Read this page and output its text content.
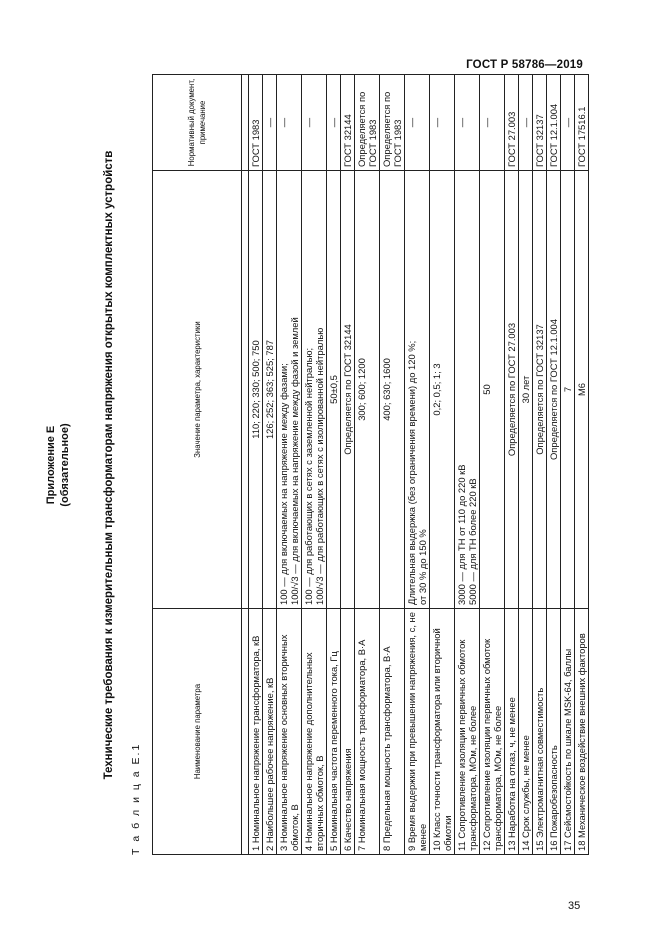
ГОСТ Р 58786—2019
Приложение Е (обязательное)	Технические требования к измерительным трансформаторам напряжения открытых комплектных устройств
Т а б л и ц а Е.1
Наименование параметра	Значение параметра, характеристики	Нормативный документ, примечание

1 Номинальное напряжение трансформатора, кВ	110; 220; 330; 500; 750	ГОСТ 1983
2 Наибольшее рабочее напряжение, кВ	126; 252; 363; 525; 787	—
3 Номинальное напряжение основных вторичных обмоток, В	100 — для включаемых на напряжение между фазами; 100/√3 — для включаемых на напряжение между фазой и землей	—
4 Номинальное напряжение дополнительных вторичных обмоток, В	100 — для работающих в сетях с заземленной нейтралью; 100/√3 — для работающих в сетях с изолированной нейтралью	—
5 Номинальная частота переменного тока, Гц	50±0,5	—
6 Качество напряжения	Определяется по ГОСТ 32144	ГОСТ 32144
7 Номинальная мощность трансформатора, В·А	300; 600; 1200	Определяется по ГОСТ 1983
8 Предельная мощность трансформатора, В·А	400; 630; 1600	Определяется по ГОСТ 1983
9 Время выдержки при превышении напряжения, с, не менее	Длительная выдержка (без ограничения времени) до 120 %; от 30 % до 150 %	—
10 Класс точности трансформатора или вторичной обмотки	0,2; 0,5; 1; 3	—
11 Сопротивление изоляции первичных обмоток трансформатора, МОм, не более	3000 — для ТН от 110 до 220 кВ 5000 — для ТН более 220 кВ	—
12 Сопротивление изоляции первичных обмоток трансформатора, МОм, не более	50	—
13 Наработка на отказ, ч, не менее	Определяется по ГОСТ 27.003	ГОСТ 27.003
14 Срок службы, не менее	30 лет	—
15 Электромагнитная совместимость	Определяется по ГОСТ 32137	ГОСТ 32137
16 Пожаробезопасность	Определяется по ГОСТ 12.1.004	ГОСТ 12.1.004
17 Сейсмостойкость по шкале MSK-64, баллы	7	—
18 Механическое воздействие внешних факторов	М6	ГОСТ 17516.1
35
